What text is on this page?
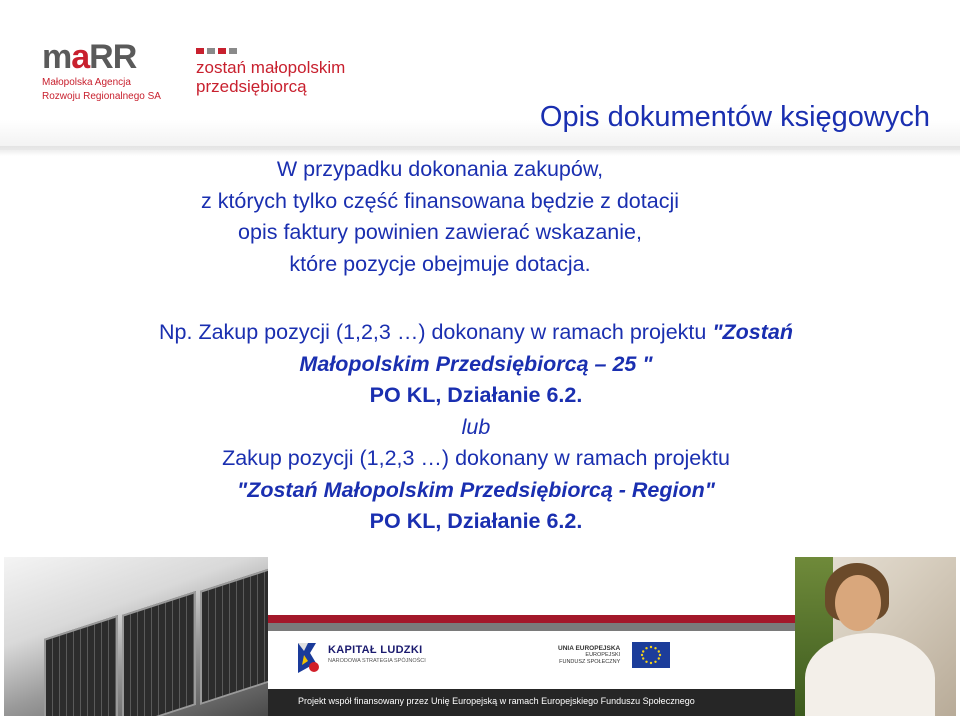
maRR
Małopolska Agencja
Rozwoju Regionalnego SA
zostań małopolskim
przedsiębiorcą
Opis dokumentów księgowych
W przypadku dokonania zakupów,
z których tylko część finansowana będzie z dotacji
opis faktury powinien zawierać wskazanie,
które pozycje obejmuje dotacja.
Np. Zakup pozycji (1,2,3 …) dokonany w ramach projektu "Zostań
Małopolskim Przedsiębiorcą – 25 "
PO KL, Działanie 6.2.
lub
Zakup pozycji (1,2,3 …) dokonany w ramach projektu
"Zostań Małopolskim Przedsiębiorcą - Region"
PO KL, Działanie 6.2.
KAPITAŁ LUDZKI
NARODOWA STRATEGIA SPÓJNOŚCI
UNIA EUROPEJSKA
EUROPEJSKI
FUNDUSZ SPOŁECZNY
Projekt współ finansowany przez Unię Europejską w ramach Europejskiego Funduszu Społecznego
